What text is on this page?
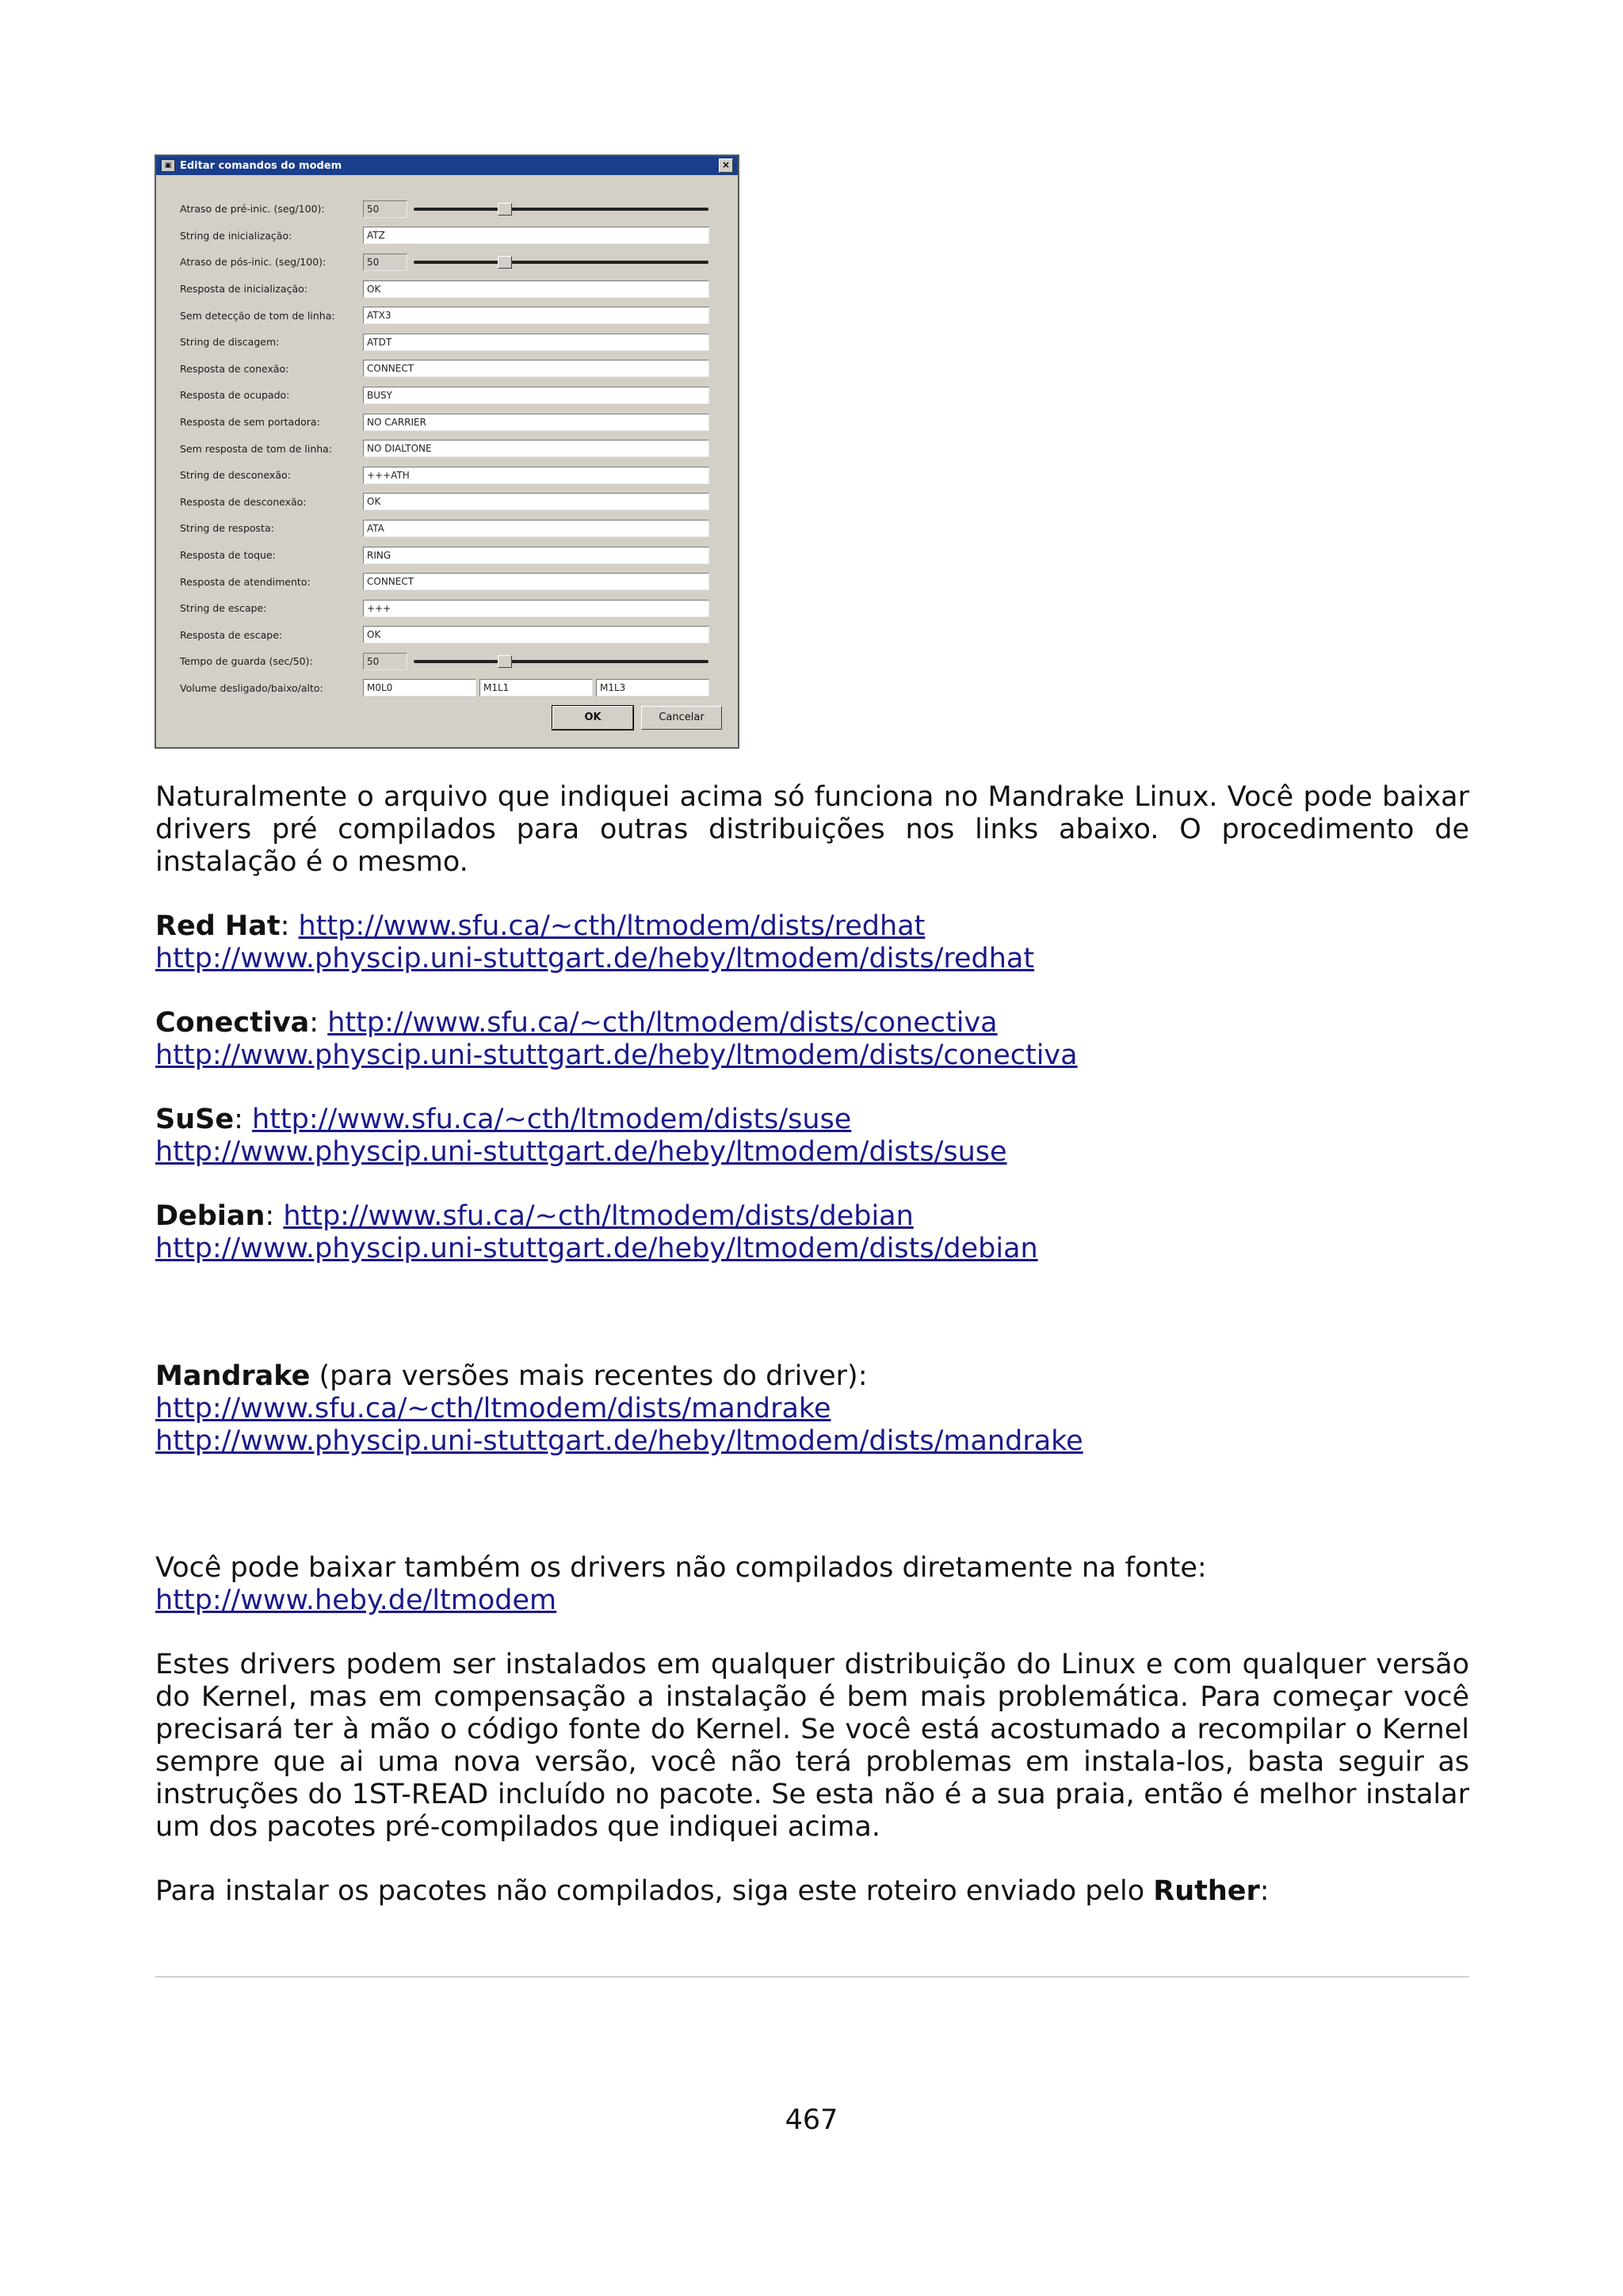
▣ Editar comandos do modem	×
Atraso de pré-inic. (seg/100):	50
String de inicialização:	ATZ
Atraso de pós-inic. (seg/100):	50
Resposta de inicialização:	OK
Sem detecção de tom de linha:	ATX3
String de discagem:	ATDT
Resposta de conexão:	CONNECT
Resposta de ocupado:	BUSY
Resposta de sem portadora:	NO CARRIER
Sem resposta de tom de linha:	NO DIALTONE
String de desconexão:	+++ATH
Resposta de desconexão:	OK
String de resposta:	ATA
Resposta de toque:	RING
Resposta de atendimento:	CONNECT
String de escape:	+++
Resposta de escape:	OK
Tempo de guarda (sec/50):	50
Volume desligado/baixo/alto:	M0L0	M1L1	M1L3
OK	Cancelar

Naturalmente o arquivo que indiquei acima só funciona no Mandrake Linux. Você pode baixar drivers pré compilados para outras distribuições nos links abaixo. O procedimento de instalação é o mesmo.

Red Hat: http://www.sfu.ca/~cth/ltmodem/dists/redhat

http://www.physcip.uni-stuttgart.de/heby/ltmodem/dists/redhat

Conectiva: http://www.sfu.ca/~cth/ltmodem/dists/conectiva

http://www.physcip.uni-stuttgart.de/heby/ltmodem/dists/conectiva

SuSe: http://www.sfu.ca/~cth/ltmodem/dists/suse

http://www.physcip.uni-stuttgart.de/heby/ltmodem/dists/suse

Debian: http://www.sfu.ca/~cth/ltmodem/dists/debian

http://www.physcip.uni-stuttgart.de/heby/ltmodem/dists/debian

Mandrake (para versões mais recentes do driver):

http://www.sfu.ca/~cth/ltmodem/dists/mandrake

http://www.physcip.uni-stuttgart.de/heby/ltmodem/dists/mandrake

Você pode baixar também os drivers não compilados diretamente na fonte:

http://www.heby.de/ltmodem

Estes drivers podem ser instalados em qualquer distribuição do Linux e com qualquer versão do Kernel, mas em compensação a instalação é bem mais problemática. Para começar você precisará ter à mão o código fonte do Kernel. Se você está acostumado a recompilar o Kernel sempre que ai uma nova versão, você não terá problemas em instala-los, basta seguir as instruções do 1ST-READ incluído no pacote. Se esta não é a sua praia, então é melhor instalar um dos pacotes pré-compilados que indiquei acima.

Para instalar os pacotes não compilados, siga este roteiro enviado pelo Ruther:

467
